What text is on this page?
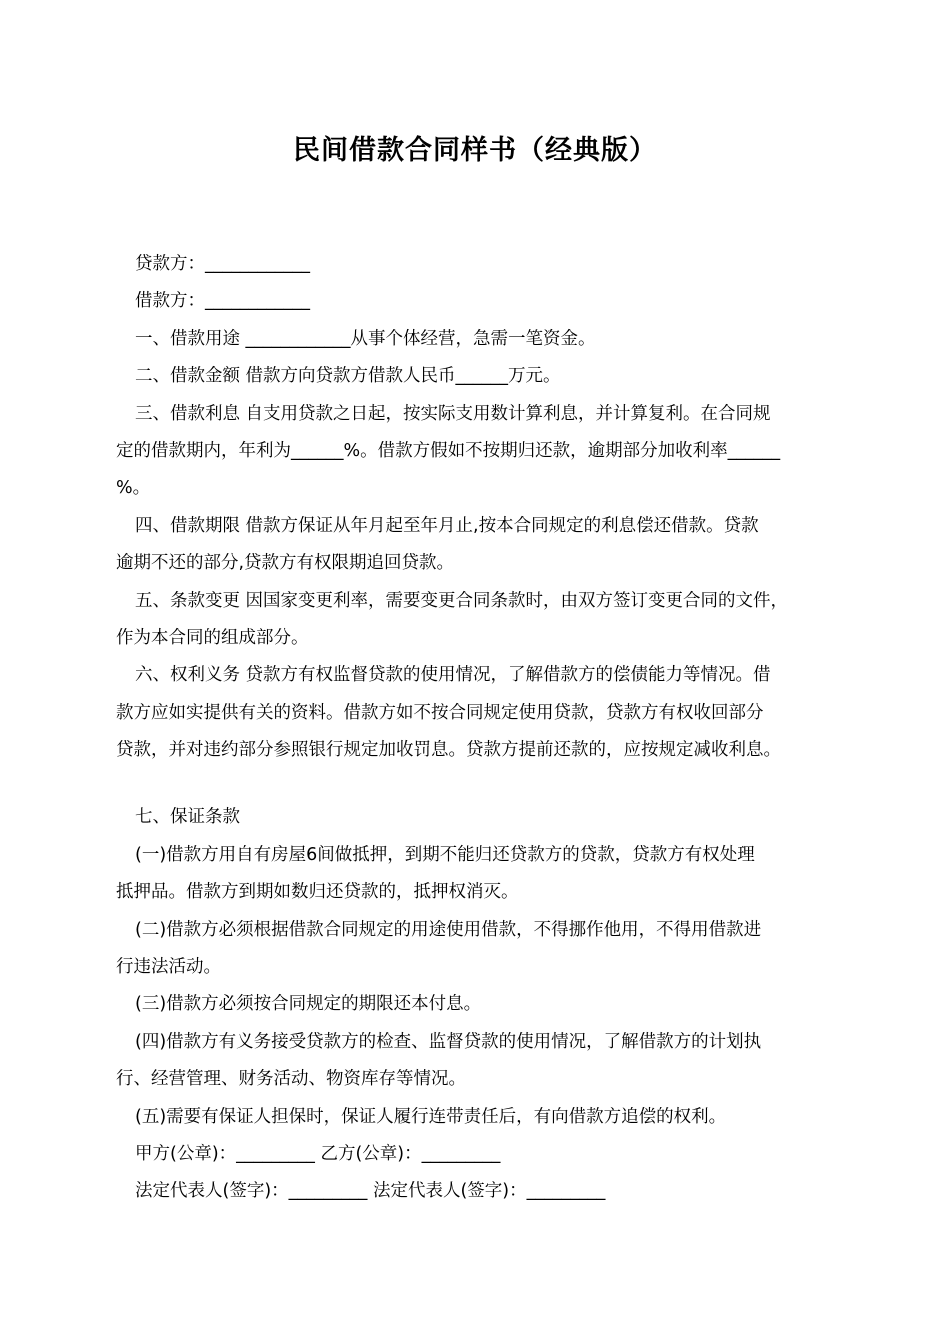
民间借款合同样书（经典版）
贷款方：____________
借款方：____________
一、借款用途 ____________从事个体经营，急需一笔资金。
二、借款金额 借款方向贷款方借款人民币______万元。
三、借款利息 自支用贷款之日起，按实际支用数计算利息，并计算复利。在合同规
定的借款期内，年利为______%。借款方假如不按期归还款，逾期部分加收利率______
%。
四、借款期限 借款方保证从年月起至年月止,按本合同规定的利息偿还借款。贷款
逾期不还的部分,贷款方有权限期追回贷款。
五、条款变更 因国家变更利率，需要变更合同条款时，由双方签订变更合同的文件，
作为本合同的组成部分。
六、权利义务 贷款方有权监督贷款的使用情况，了解借款方的偿债能力等情况。借
款方应如实提供有关的资料。借款方如不按合同规定使用贷款，贷款方有权收回部分
贷款，并对违约部分参照银行规定加收罚息。贷款方提前还款的，应按规定减收利息。
七、保证条款
(一)借款方用自有房屋6间做抵押，到期不能归还贷款方的贷款，贷款方有权处理
抵押品。借款方到期如数归还贷款的，抵押权消灭。
(二)借款方必须根据借款合同规定的用途使用借款，不得挪作他用，不得用借款进
行违法活动。
(三)借款方必须按合同规定的期限还本付息。
(四)借款方有义务接受贷款方的检查、监督贷款的使用情况，了解借款方的计划执
行、经营管理、财务活动、物资库存等情况。
(五)需要有保证人担保时，保证人履行连带责任后，有向借款方追偿的权利。
甲方(公章)：_________ 乙方(公章)：_________
法定代表人(签字)：_________ 法定代表人(签字)：_________
